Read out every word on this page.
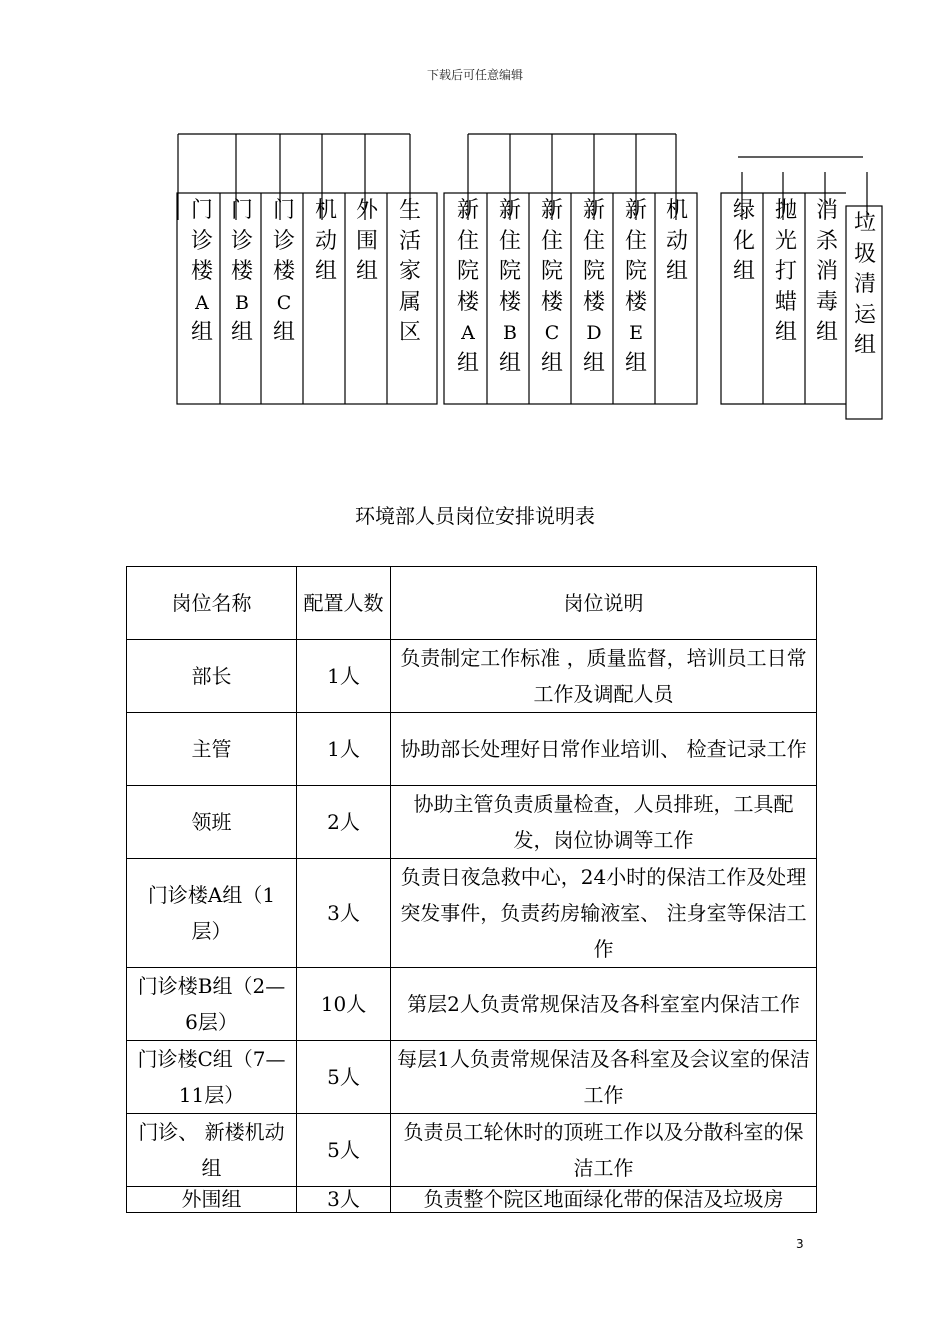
下载后可任意编辑
门
诊
楼
A
组
门
诊
楼
B
组
门
诊
楼
C
组
机
动
组
外
围
组
生
活
家
属
区
新
住
院
楼
A
组
新
住
院
楼
B
组
新
住
院
楼
C
组
新
住
院
楼
D
组
新
住
院
楼
E
组
机
动
组
绿
化
组
抛
光
打
蜡
组
消
杀
消
毒
组
垃
圾
清
运
组
环境部人员岗位安排说明表
岗位名称	配置人数	岗位说明
部长	1人	负责制定工作标准 ，质量监督，培训员工日常工作及调配人员
主管	1人	协助部长处理好日常作业培训、 检查记录工作
领班	2人	协助主管负责质量检查，人员排班，工具配发，岗位协调等工作
门诊楼A组（1层）	3人	负责日夜急救中心，24小时的保洁工作及处理突发事件，负责药房输液室、 注身室等保洁工作
门诊楼B组（2—6层）	10人	第层2人负责常规保洁及各科室室内保洁工作
门诊楼C组（7—11层）	5人	每层1人负责常规保洁及各科室及会议室的保洁工作
门诊、 新楼机动组	5人	负责员工轮休时的顶班工作以及分散科室的保洁工作
外围组	3人	负责整个院区地面绿化带的保洁及垃圾房
3
